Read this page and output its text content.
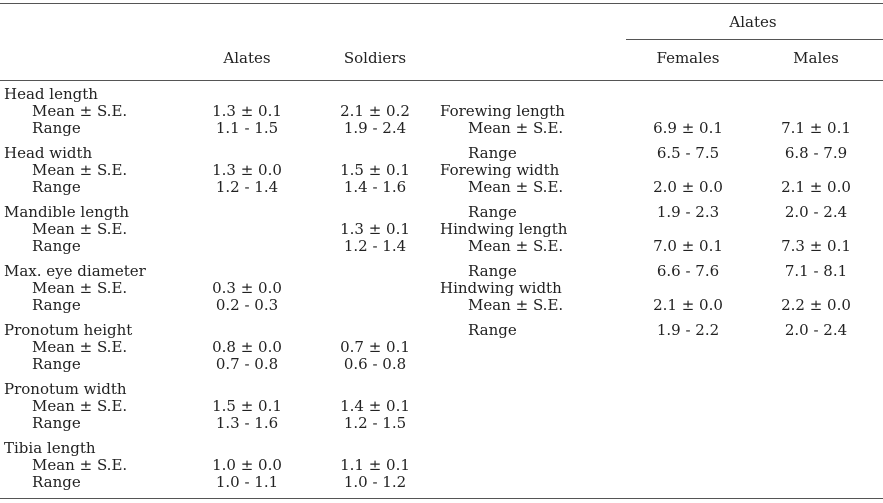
Alates	Soldiers
Alates
Females	Males
Head length
Mean ± S.E.
Range
1.3 ± 0.1
1.1 - 1.5
2.1 ± 0.2
1.9 - 2.4
Head width
Mean ± S.E.
Range
1.3 ± 0.0
1.2 - 1.4
1.5 ± 0.1
1.4 - 1.6
Mandible length
Mean ± S.E.
Range
1.3 ± 0.1
1.2 - 1.4
Max. eye diameter
Mean ± S.E.
Range
0.3 ± 0.0
0.2 - 0.3
Pronotum height
Mean ± S.E.
Range
0.8 ± 0.0
0.7 - 0.8
0.7 ± 0.1
0.6 - 0.8
Pronotum width
Mean ± S.E.
Range
1.5 ± 0.1
1.3 - 1.6
1.4 ± 0.1
1.2 - 1.5
Tibia length
Mean ± S.E.
Range
1.0 ± 0.0
1.0 - 1.1
1.1 ± 0.1
1.0 - 1.2
Forewing length
Mean ± S.E.
Range
6.9 ± 0.1
6.5 - 7.5
7.1 ± 0.1
6.8 - 7.9
Forewing width
Mean ± S.E.
Range
2.0 ± 0.0
1.9 - 2.3
2.1 ± 0.0
2.0 - 2.4
Hindwing length
Mean ± S.E.
Range
7.0 ± 0.1
6.6 - 7.6
7.3 ± 0.1
7.1 - 8.1
Hindwing width
Mean ± S.E.
Range
2.1 ± 0.0
1.9 - 2.2
2.2 ± 0.0
2.0 - 2.4
